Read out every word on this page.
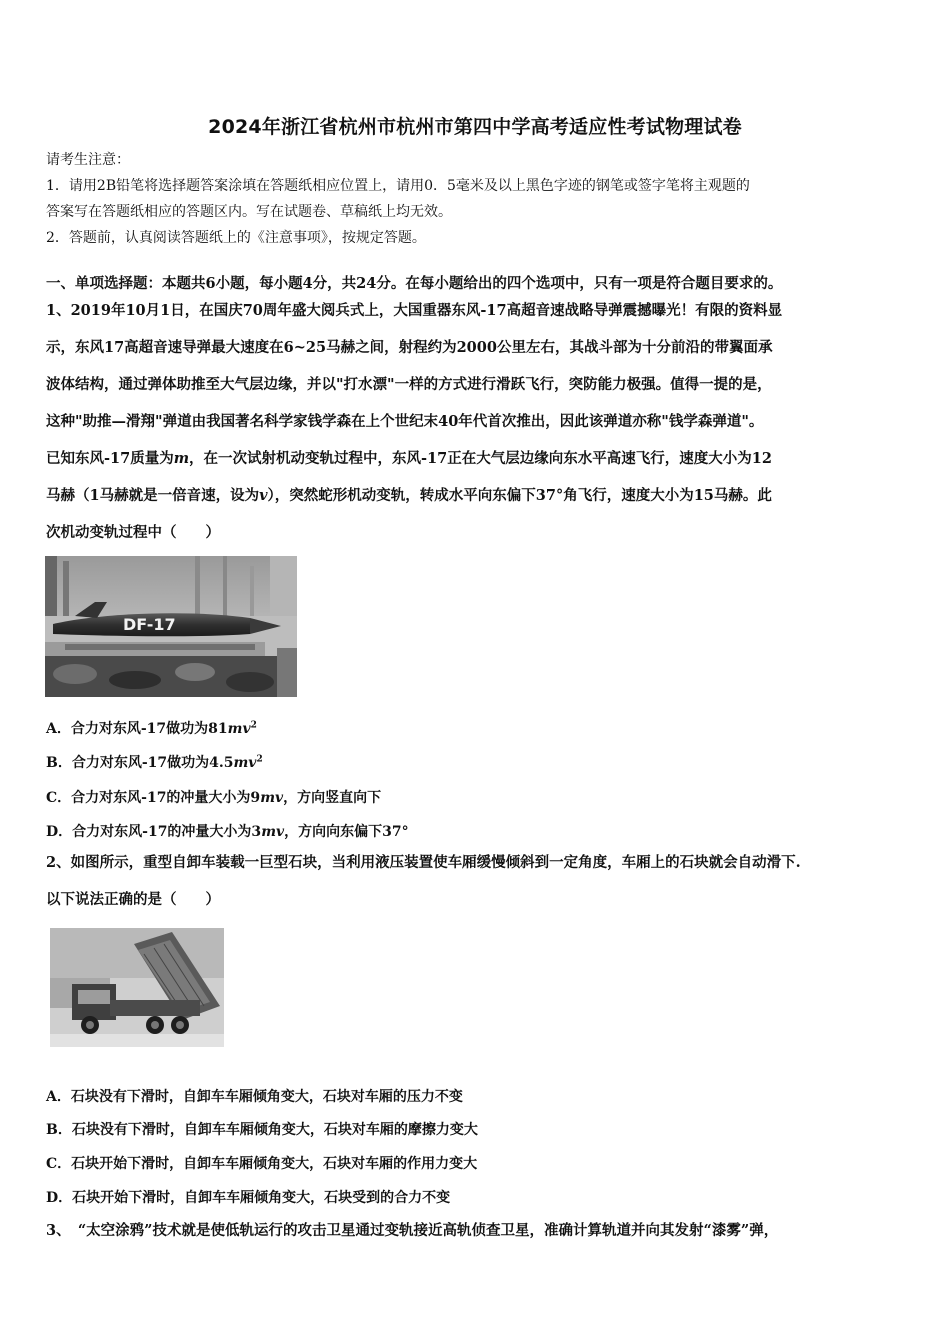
2024年浙江省杭州市杭州市第四中学高考适应性考试物理试卷
请考生注意：
1．请用2B铅笔将选择题答案涂填在答题纸相应位置上，请用0．5毫米及以上黑色字迹的钢笔或签字笔将主观题的
答案写在答题纸相应的答题区内。写在试题卷、草稿纸上均无效。
2．答题前，认真阅读答题纸上的《注意事项》，按规定答题。
一、单项选择题：本题共6小题，每小题4分，共24分。在每小题给出的四个选项中，只有一项是符合题目要求的。
1、2019年10月1日，在国庆70周年盛大阅兵式上，大国重器东风-17高超音速战略导弹震撼曝光！有限的资料显
示，东风17高超音速导弹最大速度在6~25马赫之间，射程约为2000公里左右，其战斗部为十分前沿的带翼面承
波体结构，通过弹体助推至大气层边缘，并以"打水漂"一样的方式进行滑跃飞行，突防能力极强。值得一提的是，
这种"助推—滑翔"弹道由我国著名科学家钱学森在上个世纪末40年代首次推出，因此该弹道亦称"钱学森弹道"。
已知东风-17质量为m，在一次试射机动变轨过程中，东风-17正在大气层边缘向东水平高速飞行，速度大小为12
马赫（1马赫就是一倍音速，设为v），突然蛇形机动变轨，转成水平向东偏下37°角飞行，速度大小为15马赫。此
次机动变轨过程中（　　）
DF-17
A．合力对东风-17做功为$81mv^2$
B．合力对东风-17做功为$4.5mv^2$
C．合力对东风-17的冲量大小为9mv，方向竖直向下
D．合力对东风-17的冲量大小为3mv，方向向东偏下37°
2、如图所示，重型自卸车装载一巨型石块，当利用液压装置使车厢缓慢倾斜到一定角度，车厢上的石块就会自动滑下.
以下说法正确的是（　　）
A．石块没有下滑时，自卸车车厢倾角变大，石块对车厢的压力不变
B．石块没有下滑时，自卸车车厢倾角变大，石块对车厢的摩擦力变大
C．石块开始下滑时，自卸车车厢倾角变大，石块对车厢的作用力变大
D．石块开始下滑时，自卸车车厢倾角变大，石块受到的合力不变
3、　“太空涂鸦”技术就是使低轨运行的攻击卫星通过变轨接近高轨侦查卫星，准确计算轨道并向其发射“漆雾”弹，
